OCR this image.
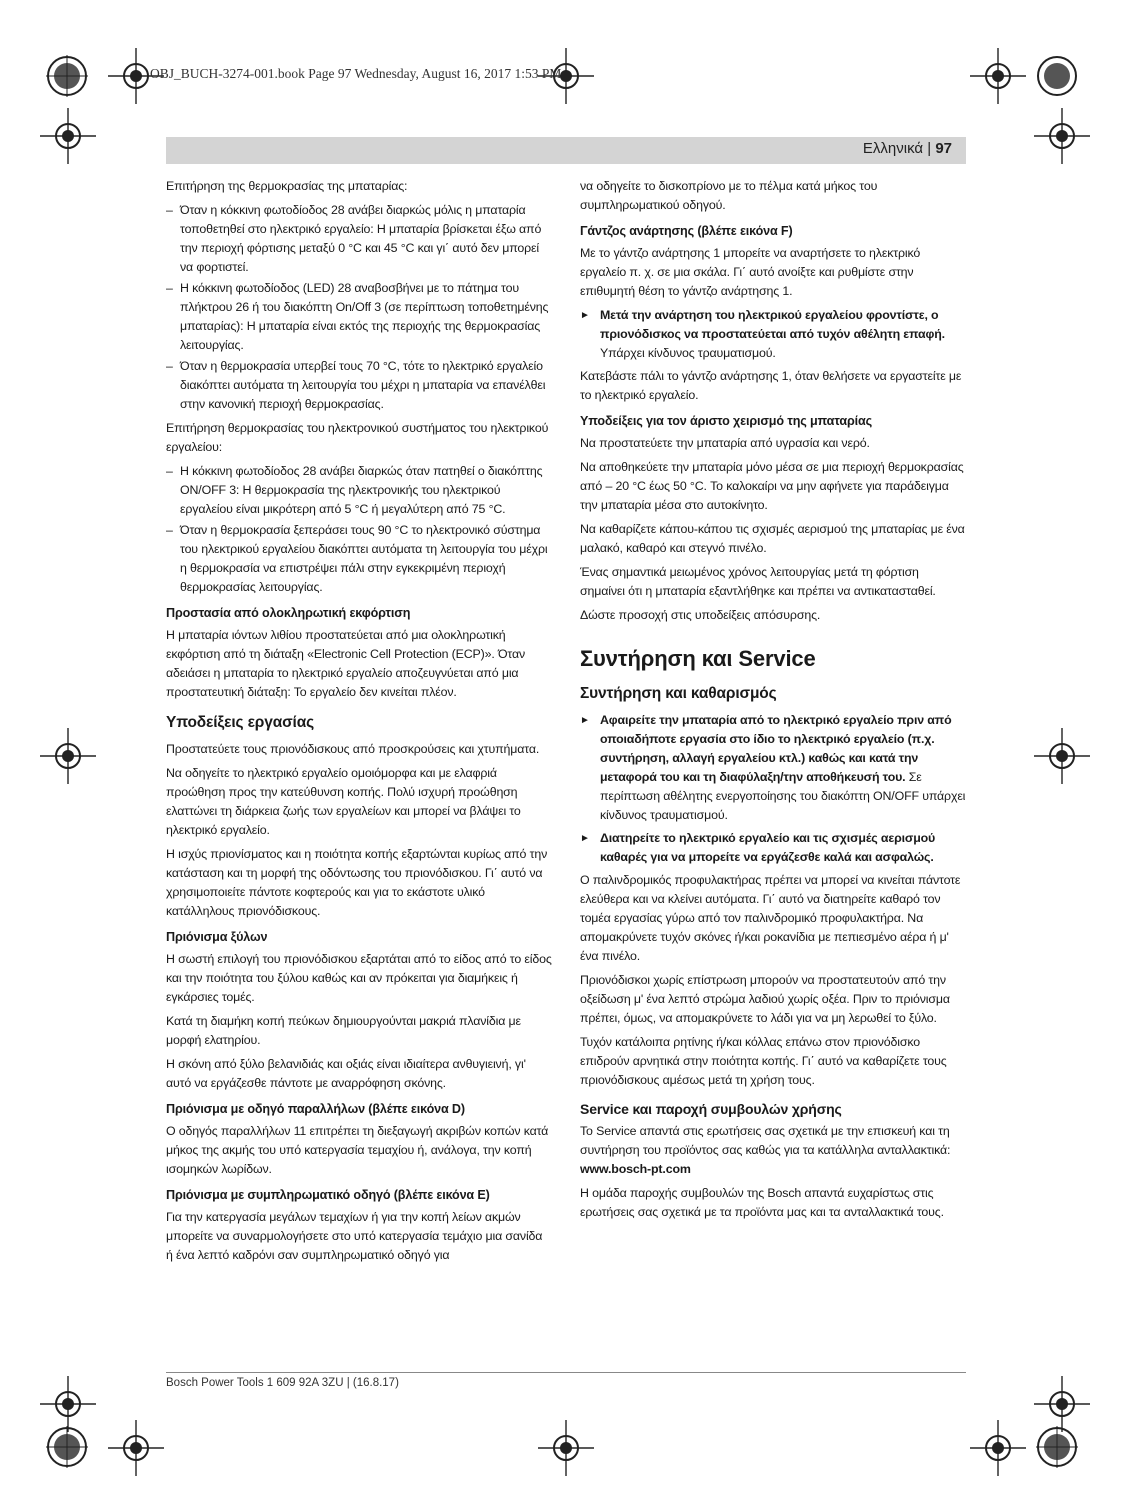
OBJ_BUCH-3274-001.book Page 97 Wednesday, August 16, 2017 1:53 PM
Ελληνικά | 97

Επιτήρηση της θερμοκρασίας της μπαταρίας:

– Όταν η κόκκινη φωτοδίοδος 28 ανάβει διαρκώς μόλις η μπαταρία τοποθετηθεί στο ηλεκτρικό εργαλείο: Η μπαταρία βρίσκεται έξω από την περιοχή φόρτισης μεταξύ 0 °C και 45 °C και γι΄ αυτό δεν μπορεί να φορτιστεί.
– Η κόκκινη φωτοδίοδος (LED) 28 αναβοσβήνει με το πάτημα του πλήκτρου 26 ή του διακόπτη On/Off 3 (σε περίπτωση τοποθετημένης μπαταρίας): Η μπαταρία είναι εκτός της περιοχής της θερμοκρασίας λειτουργίας.
– Όταν η θερμοκρασία υπερβεί τους 70 °C, τότε το ηλεκτρικό εργαλείο διακόπτει αυτόματα τη λειτουργία του μέχρι η μπαταρία να επανέλθει στην κανονική περιοχή θερμοκρασίας.

Επιτήρηση θερμοκρασίας του ηλεκτρονικού συστήματος του ηλεκτρικού εργαλείου:

– Η κόκκινη φωτοδίοδος 28 ανάβει διαρκώς όταν πατηθεί ο διακόπτης ON/OFF 3: Η θερμοκρασία της ηλεκτρονικής του ηλεκτρικού εργαλείου είναι μικρότερη από 5 °C ή μεγαλύτερη από 75 °C.
– Όταν η θερμοκρασία ξεπεράσει τους 90 °C το ηλεκτρονικό σύστημα του ηλεκτρικού εργαλείου διακόπτει αυτόματα τη λειτουργία του μέχρι η θερμοκρασία να επιστρέψει πάλι στην εγκεκριμένη περιοχή θερμοκρασίας λειτουργίας.
Προστασία από ολοκληρωτική εκφόρτιση

Η μπαταρία ιόντων λιθίου προστατεύεται από μια ολοκληρωτική εκφόρτιση από τη διάταξη «Electronic Cell Protection (ECP)». Όταν αδειάσει η μπαταρία το ηλεκτρικό εργαλείο αποζευγνύεται από μια προστατευτική διάταξη: Το εργαλείο δεν κινείται πλέον.

Υποδείξεις εργασίας

Προστατεύετε τους πριονόδισκους από προσκρούσεις και χτυπήματα.

Να οδηγείτε το ηλεκτρικό εργαλείο ομοιόμορφα και με ελαφριά προώθηση προς την κατεύθυνση κοπής. Πολύ ισχυρή προώθηση ελαττώνει τη διάρκεια ζωής των εργαλείων και μπορεί να βλάψει το ηλεκτρικό εργαλείο.

Η ισχύς πριονίσματος και η ποιότητα κοπής εξαρτώνται κυρίως από την κατάσταση και τη μορφή της οδόντωσης του πριονόδισκου. Γι΄ αυτό να χρησιμοποιείτε πάντοτε κοφτερούς και για το εκάστοτε υλικό κατάλληλους πριονόδισκους.

Πριόνισμα ξύλων

Η σωστή επιλογή του πριονόδισκου εξαρτάται από το είδος από το είδος και την ποιότητα του ξύλου καθώς και αν πρόκειται για διαμήκεις ή εγκάρσιες τομές.

Κατά τη διαμήκη κοπή πεύκων δημιουργούνται μακριά πλανίδια με μορφή ελατηρίου.

Η σκόνη από ξύλο βελανιδιάς και οξιάς είναι ιδιαίτερα ανθυγιεινή, γι' αυτό να εργάζεσθε πάντοτε με αναρρόφηση σκόνης.

Πριόνισμα με οδηγό παραλλήλων (βλέπε εικόνα D)

Ο οδηγός παραλλήλων 11 επιτρέπει τη διεξαγωγή ακριβών κοπών κατά μήκος της ακμής του υπό κατεργασία τεμαχίου ή, ανάλογα, την κοπή ισομηκών λωρίδων.

Πριόνισμα με συμπληρωματικό οδηγό (βλέπε εικόνα E)

Για την κατεργασία μεγάλων τεμαχίων ή για την κοπή λείων ακμών μπορείτε να συναρμολογήσετε στο υπό κατεργασία τεμάχιο μια σανίδα ή ένα λεπτό καδρόνι σαν συμπληρωματικό οδηγό για

να οδηγείτε το δισκοπρίονο με το πέλμα κατά μήκος του συμπληρωματικού οδηγού.

Γάντζος ανάρτησης (βλέπε εικόνα F)

Με το γάντζο ανάρτησης 1 μπορείτε να αναρτήσετε το ηλεκτρικό εργαλείο π. χ. σε μια σκάλα. Γι΄ αυτό ανοίξτε και ρυθμίστε στην επιθυμητή θέση το γάντζο ανάρτησης 1.

► Μετά την ανάρτηση του ηλεκτρικού εργαλείου φροντίστε, ο πριονόδισκος να προστατεύεται από τυχόν αθέλητη επαφή. Υπάρχει κίνδυνος τραυματισμού.

Κατεβάστε πάλι το γάντζο ανάρτησης 1, όταν θελήσετε να εργαστείτε με το ηλεκτρικό εργαλείο.

Υποδείξεις για τον άριστο χειρισμό της μπαταρίας

Να προστατεύετε την μπαταρία από υγρασία και νερό.

Να αποθηκεύετε την μπαταρία μόνο μέσα σε μια περιοχή θερμοκρασίας από – 20 °C έως 50 °C. Το καλοκαίρι να μην αφήνετε για παράδειγμα την μπαταρία μέσα στο αυτοκίνητο.

Να καθαρίζετε κάπου-κάπου τις σχισμές αερισμού της μπαταρίας με ένα μαλακό, καθαρό και στεγνό πινέλο.

Ένας σημαντικά μειωμένος χρόνος λειτουργίας μετά τη φόρτιση σημαίνει ότι η μπαταρία εξαντλήθηκε και πρέπει να αντικατασταθεί.

Δώστε προσοχή στις υποδείξεις απόσυρσης.

Συντήρηση και Service
Συντήρηση και καθαρισμός
► Αφαιρείτε την μπαταρία από το ηλεκτρικό εργαλείο πριν από οποιαδήποτε εργασία στο ίδιο το ηλεκτρικό εργαλείο (π.χ. συντήρηση, αλλαγή εργαλείου κτλ.) καθώς και κατά την μεταφορά του και τη διαφύλαξη/την αποθήκευσή του. Σε περίπτωση αθέλητης ενεργοποίησης του διακόπτη ON/OFF υπάρχει κίνδυνος τραυματισμού.
► Διατηρείτε το ηλεκτρικό εργαλείο και τις σχισμές αερισμού καθαρές για να μπορείτε να εργάζεσθε καλά και ασφαλώς.

Ο παλινδρομικός προφυλακτήρας πρέπει να μπορεί να κινείται πάντοτε ελεύθερα και να κλείνει αυτόματα. Γι΄ αυτό να διατηρείτε καθαρό τον τομέα εργασίας γύρω από τον παλινδρομικό προφυλακτήρα. Να απομακρύνετε τυχόν σκόνες ή/και ροκανίδια με πεπιεσμένο αέρα ή μ' ένα πινέλο.

Πριονόδισκοι χωρίς επίστρωση μπορούν να προστατευτούν από την οξείδωση μ' ένα λεπτό στρώμα λαδιού χωρίς οξέα. Πριν το πριόνισμα πρέπει, όμως, να απομακρύνετε το λάδι για να μη λερωθεί το ξύλο.

Τυχόν κατάλοιπα ρητίνης ή/και κόλλας επάνω στον πριονόδισκο επιδρούν αρνητικά στην ποιότητα κοπής. Γι΄ αυτό να καθαρίζετε τους πριονόδισκους αμέσως μετά τη χρήση τους.

Service και παροχή συμβουλών χρήσης

Το Service απαντά στις ερωτήσεις σας σχετικά με την επισκευή και τη συντήρηση του προϊόντος σας καθώς για τα κατάλληλα ανταλλακτικά:

www.bosch-pt.com

Η ομάδα παροχής συμβουλών της Bosch απαντά ευχαρίστως στις ερωτήσεις σας σχετικά με τα προϊόντα μας και τα ανταλλακτικά τους.

Bosch Power Tools 1 609 92A 3ZU | (16.8.17)
